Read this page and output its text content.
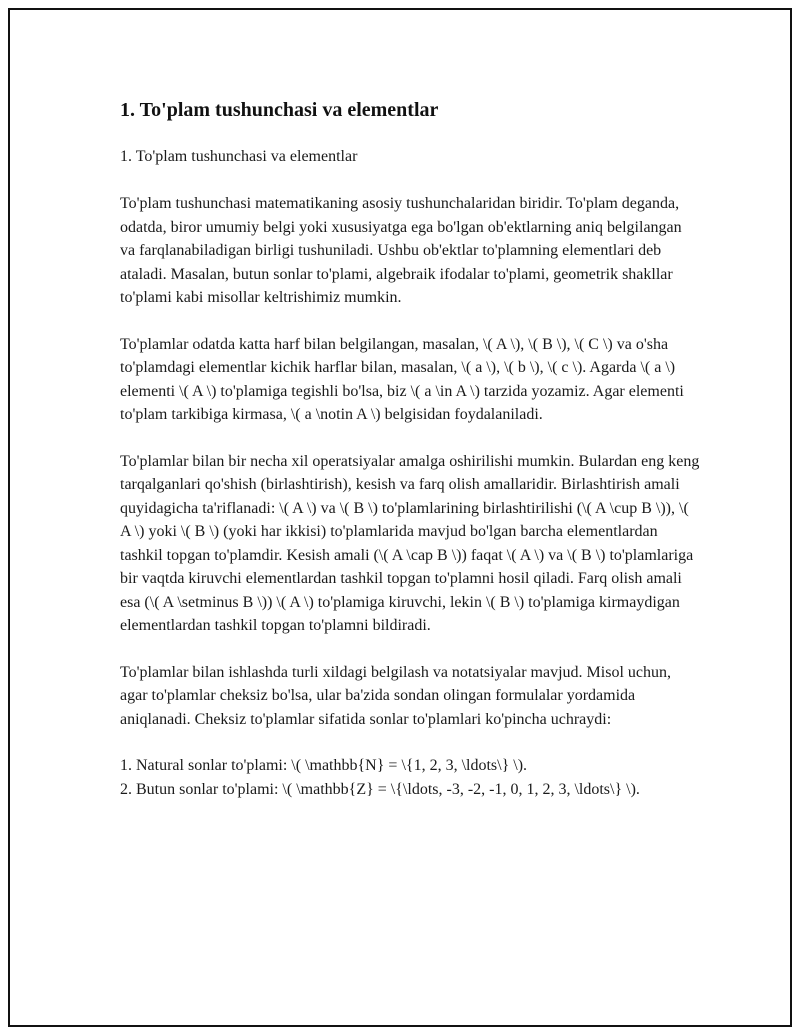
1. To'plam tushunchasi va elementlar

1. To'plam tushunchasi va elementlar

To'plam tushunchasi matematikaning asosiy tushunchalaridan biridir. To'plam deganda, odatda, biror umumiy belgi yoki xususiyatga ega bo'lgan ob'ektlarning aniq belgilangan va farqlanabiladigan birligi tushuniladi. Ushbu ob'ektlar to'plamning elementlari deb ataladi. Masalan, butun sonlar to'plami, algebraik ifodalar to'plami, geometrik shakllar to'plami kabi misollar keltrishimiz mumkin.

To'plamlar odatda katta harf bilan belgilangan, masalan, \( A \), \( B \), \( C \) va o'sha to'plamdagi elementlar kichik harflar bilan, masalan, \( a \), \( b \), \( c \). Agarda \( a \) elementi \( A \) to'plamiga tegishli bo'lsa, biz \( a \in A \) tarzida yozamiz. Agar elementi to'plam tarkibiga kirmasa, \( a \notin A \) belgisidan foydalaniladi.

To'plamlar bilan bir necha xil operatsiyalar amalga oshirilishi mumkin. Bulardan eng keng tarqalganlari qo'shish (birlashtirish), kesish va farq olish amallaridir. Birlashtirish amali quyidagicha ta'riflanadi: \( A \) va \( B \) to'plamlarining birlashtirilishi (\( A \cup B \)), \( A \) yoki \( B \) (yoki har ikkisi) to'plamlarida mavjud bo'lgan barcha elementlardan tashkil topgan to'plamdir. Kesish amali (\( A \cap B \)) faqat \( A \) va \( B \) to'plamlariga bir vaqtda kiruvchi elementlardan tashkil topgan to'plamni hosil qiladi. Farq olish amali esa (\( A \setminus B \)) \( A \) to'plamiga kiruvchi, lekin \( B \) to'plamiga kirmaydigan elementlardan tashkil topgan to'plamni bildiradi.

To'plamlar bilan ishlashda turli xildagi belgilash va notatsiyalar mavjud. Misol uchun, agar to'plamlar cheksiz bo'lsa, ular ba'zida sondan olingan formulalar yordamida aniqlanadi. Cheksiz to'plamlar sifatida sonlar to'plamlari ko'pincha uchraydi:

1. Natural sonlar to'plami: \( \mathbb{N} = \{1, 2, 3, \ldots\} \).

2. Butun sonlar to'plami: \( \mathbb{Z} = \{\ldots, -3, -2, -1, 0, 1, 2, 3, \ldots\} \).
